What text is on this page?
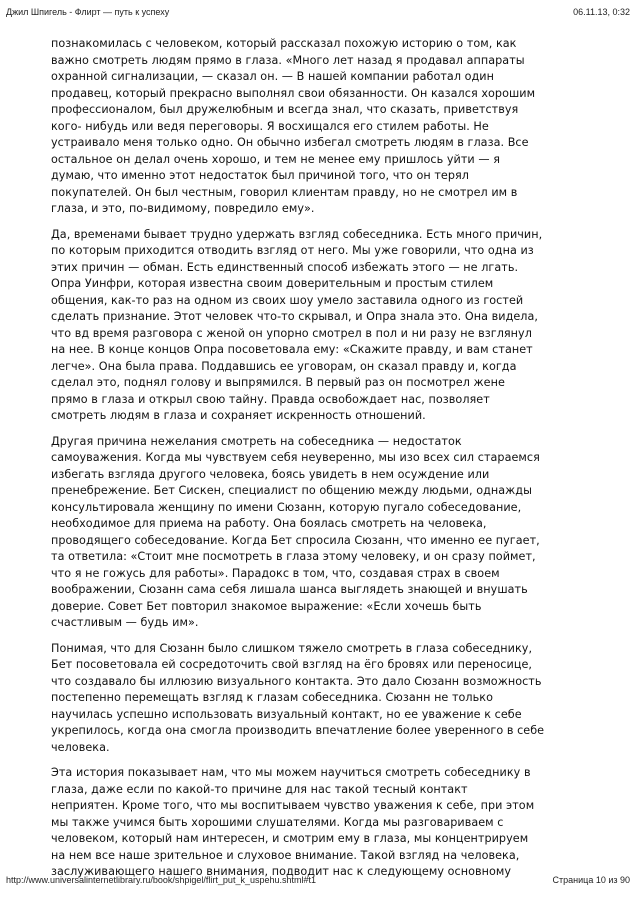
Джил Шпигель - Флирт — путь к успеху	06.11.13, 0:32
познакомилась с человеком, который рассказал похожую историю о том, как
важно смотреть людям прямо в глаза. «Много лет назад я продавал аппараты
охранной сигнализации, — сказал он. — В нашей компании работал один
продавец, который прекрасно выполнял свои обязанности. Он казался хорошим
профессионалом, был дружелюбным и всегда знал, что сказать, приветствуя
кого- нибудь или ведя переговоры. Я восхищался его стилем работы. Не
устраивало меня только одно. Он обычно избегал смотреть людям в глаза. Все
остальное он делал очень хорошо, и тем не менее ему пришлось уйти — я
думаю, что именно этот недостаток был причиной того, что он терял
покупателей. Он был честным, говорил клиентам правду, но не смотрел им в
глаза, и это, по-видимому, повредило ему».
Да, временами бывает трудно удержать взгляд собеседника. Есть много причин,
по которым приходится отводить взгляд от него. Мы уже говорили, что одна из
этих причин — обман. Есть единственный способ избежать этого — не лгать.
Опра Уинфри, которая известна своим доверительным и простым стилем
общения, как-то раз на одном из своих шоу умело заставила одного из гостей
сделать признание. Этот человек что-то скрывал, и Опра знала это. Она видела,
что вд время разговора с женой он упорно смотрел в пол и ни разу не взглянул
на нее. В конце концов Опра посоветовала ему: «Скажите правду, и вам станет
легче». Она была права. Поддавшись ее уговорам, он сказал правду и, когда
сделал это, поднял голову и выпрямился. В первый раз он посмотрел жене
прямо в глаза и открыл свою тайну. Правда освобождает нас, позволяет
смотреть людям в глаза и сохраняет искренность отношений.
Другая причина нежелания смотреть на собеседника — недостаток
самоуважения. Когда мы чувствуем себя неуверенно, мы изо всех сил стараемся
избегать взгляда другого человека, боясь увидеть в нем осуждение или
пренебрежение. Бет Сискен, специалист по общению между людьми, однажды
консультировала женщину по имени Сюзанн, которую пугало собеседование,
необходимое для приема на работу. Она боялась смотреть на человека,
проводящего собеседование. Когда Бет спросила Сюзанн, что именно ее пугает,
та ответила: «Стоит мне посмотреть в глаза этому человеку, и он сразу поймет,
что я не гожусь для работы». Парадокс в том, что, создавая страх в своем
воображении, Сюзанн сама себя лишала шанса выглядеть знающей и внушать
доверие. Совет Бет повторил знакомое выражение: «Если хочешь быть
счастливым — будь им».
Понимая, что для Сюзанн было слишком тяжело смотреть в глаза собеседнику,
Бет посоветовала ей сосредоточить свой взгляд на ёго бровях или переносице,
что создавало бы иллюзию визуального контакта. Это дало Сюзанн возможность
постепенно перемещать взгляд к глазам собеседника. Сюзанн не только
научилась успешно использовать визуальный контакт, но ее уважение к себе
укрепилось, когда она смогла производить впечатление более уверенного в себе
человека.
Эта история показывает нам, что мы можем научиться смотреть собеседнику в
глаза, даже если по какой-то причине для нас такой тесный контакт
неприятен. Кроме того, что мы воспитываем чувство уважения к себе, при этом
мы также учимся быть хорошими слушателями. Когда мы разговариваем с
человеком, который нам интересен, и смотрим ему в глаза, мы концентрируем
на нем все наше зрительное и слуховое внимание. Такой взгляд на человека,
заслуживающего нашего внимания, подводит нас к следующему основному
http://www.universalinternetlibrary.ru/book/shpigel/flirt_put_k_uspehu.shtml#t1	Страница 10 из 90
